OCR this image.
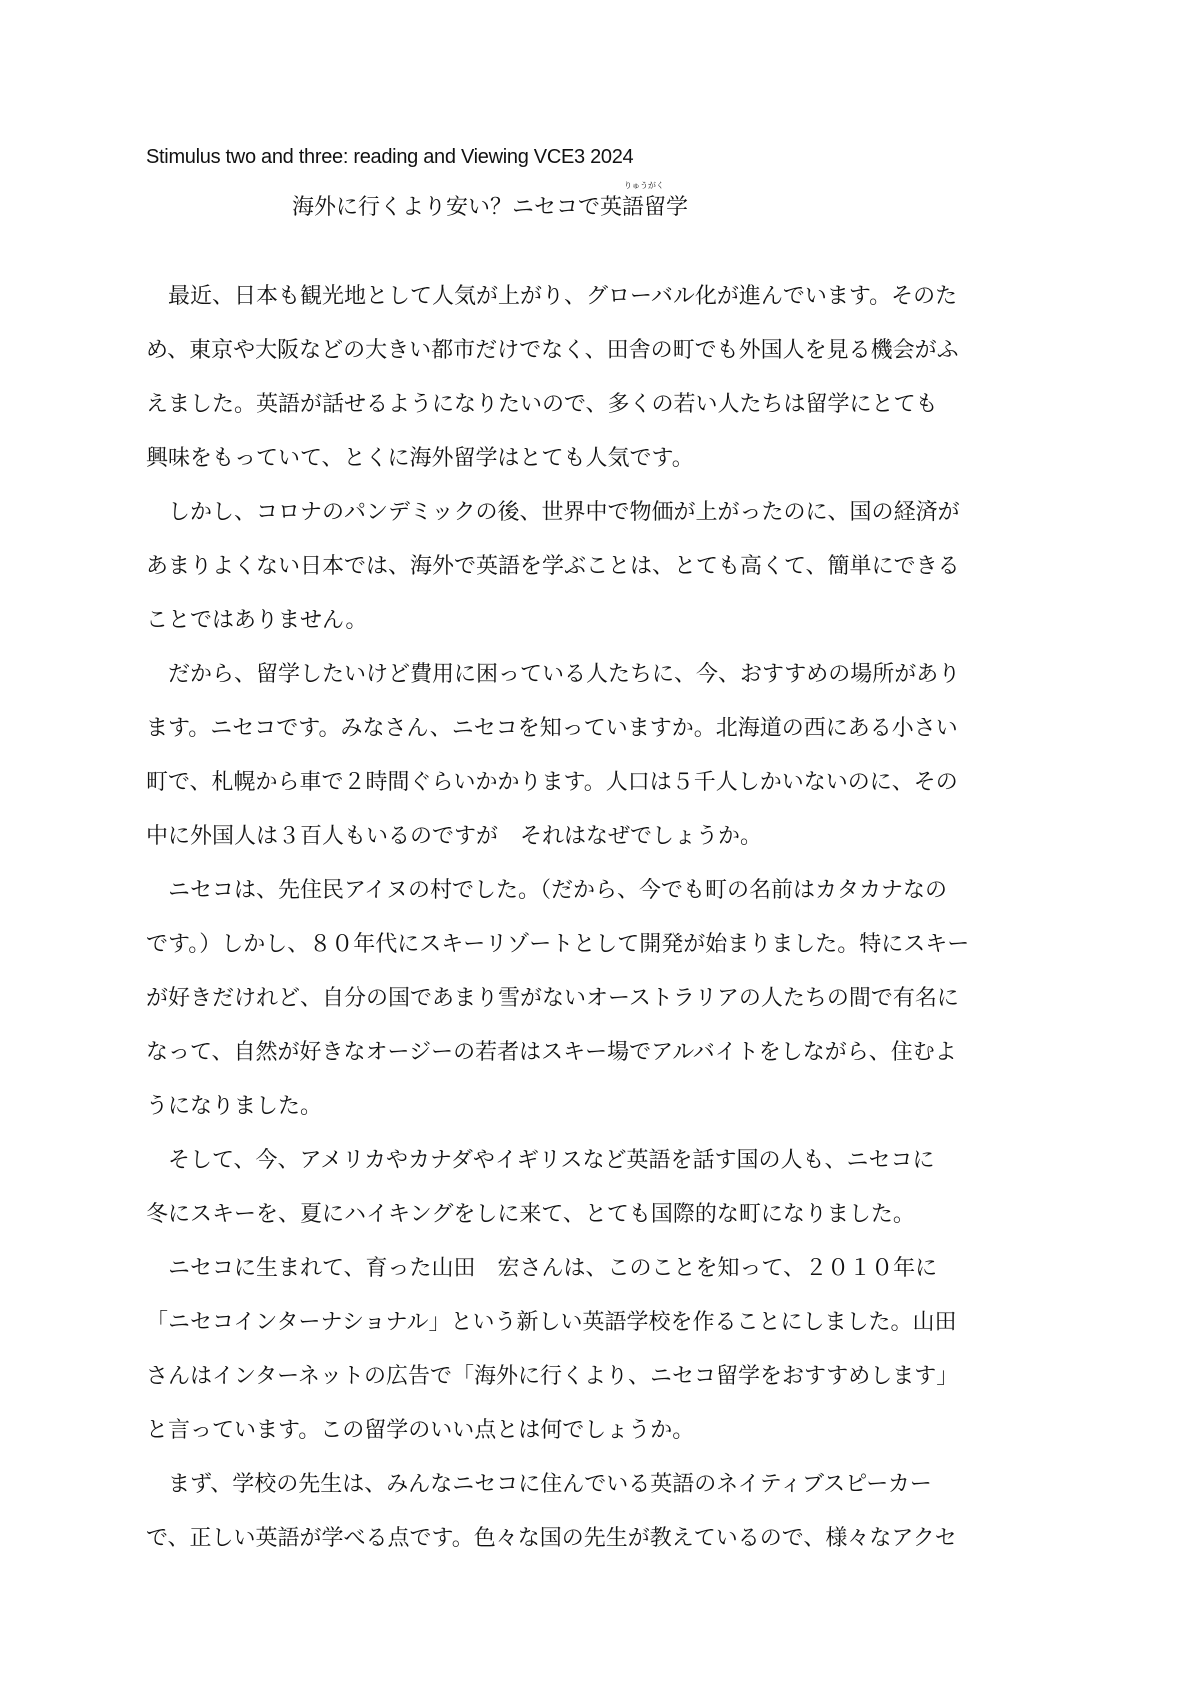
Stimulus two and three: reading and Viewing VCE3 2024
海外に行くより安い？ニセコで英語留学
りゅうがく
　最近、日本も観光地として人気が上がり、グローバル化が進んでいます。そのた
め、東京や大阪などの大きい都市だけでなく、田舎の町でも外国人を見る機会がふ
えました。英語が話せるようになりたいので、多くの若い人たちは留学にとても
興味をもっていて、とくに海外留学はとても人気です。
　しかし、コロナのパンデミックの後、世界中で物価が上がったのに、国の経済が
あまりよくない日本では、海外で英語を学ぶことは、とても高くて、簡単にできる
ことではありません。
　だから、留学したいけど費用に困っている人たちに、今、おすすめの場所があり
ます。ニセコです。みなさん、ニセコを知っていますか。北海道の西にある小さい
町で、札幌から車で２時間ぐらいかかります。人口は５千人しかいないのに、その
中に外国人は３百人もいるのですが　それはなぜでしょうか。
　ニセコは、先住民アイヌの村でした。（だから、今でも町の名前はカタカナなの
です。）しかし、８０年代にスキーリゾートとして開発が始まりました。特にスキー
が好きだけれど、自分の国であまり雪がないオーストラリアの人たちの間で有名に
なって、自然が好きなオージーの若者はスキー場でアルバイトをしながら、住むよ
うになりました。
　そして、今、アメリカやカナダやイギリスなど英語を話す国の人も、ニセコに
冬にスキーを、夏にハイキングをしに来て、とても国際的な町になりました。
　ニセコに生まれて、育った山田　宏さんは、このことを知って、２０１０年に
「ニセコインターナショナル」という新しい英語学校を作ることにしました。山田
さんはインターネットの広告で「海外に行くより、ニセコ留学をおすすめします」
と言っています。この留学のいい点とは何でしょうか。
　まず、学校の先生は、みんなニセコに住んでいる英語のネイティブスピーカー
で、正しい英語が学べる点です。色々な国の先生が教えているので、様々なアクセ
